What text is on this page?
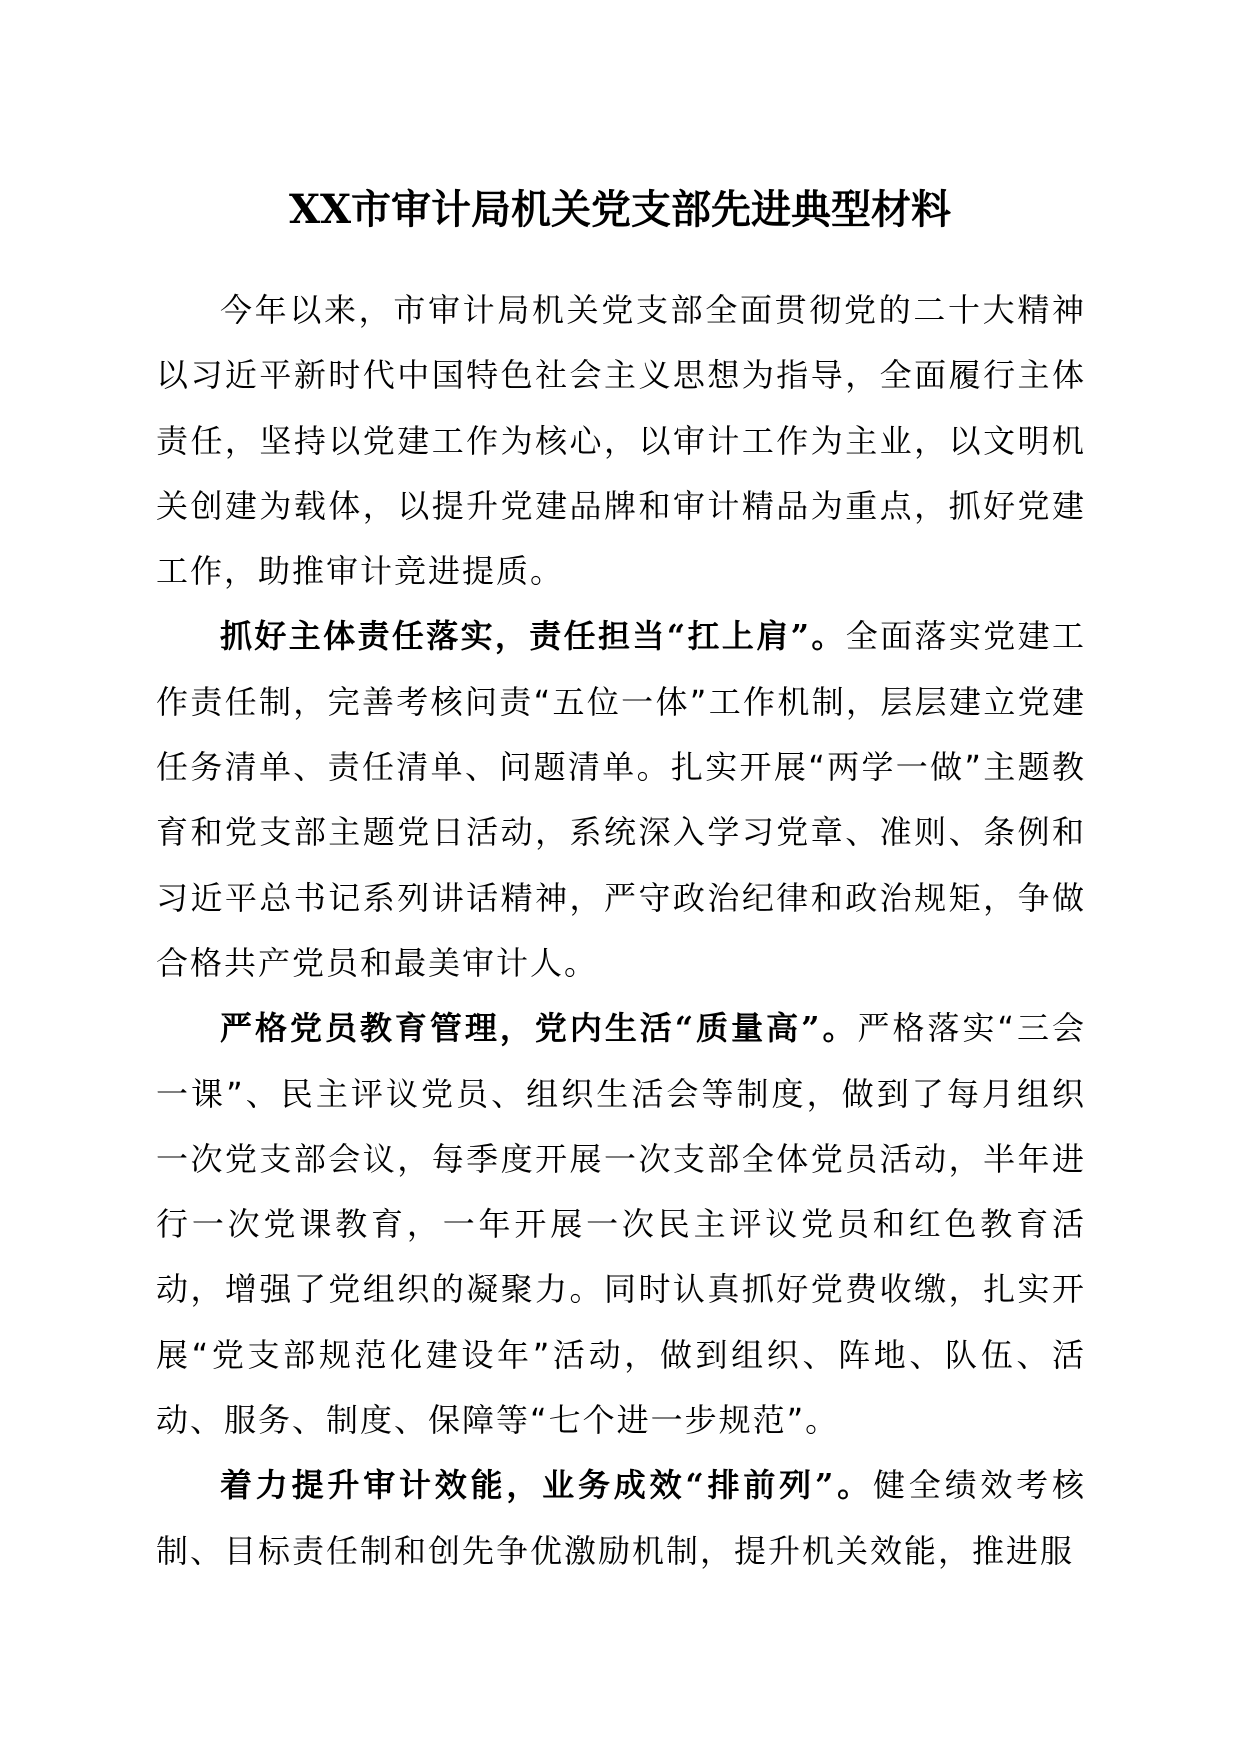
XX市审计局机关党支部先进典型材料

今年以来，市审计局机关党支部全面贯彻党的二十大精神以习近平新时代中国特色社会主义思想为指导，全面履行主体责任，坚持以党建工作为核心，以审计工作为主业，以文明机关创建为载体，以提升党建品牌和审计精品为重点，抓好党建工作，助推审计竞进提质。

抓好主体责任落实，责任担当“扛上肩”。全面落实党建工作责任制，完善考核问责“五位一体”工作机制，层层建立党建任务清单、责任清单、问题清单。扎实开展“两学一做”主题教育和党支部主题党日活动，系统深入学习党章、准则、条例和习近平总书记系列讲话精神，严守政治纪律和政治规矩，争做合格共产党员和最美审计人。

严格党员教育管理，党内生活“质量高”。严格落实“三会一课”、民主评议党员、组织生活会等制度，做到了每月组织一次党支部会议，每季度开展一次支部全体党员活动，半年进行一次党课教育，一年开展一次民主评议党员和红色教育活动，增强了党组织的凝聚力。同时认真抓好党费收缴，扎实开展“党支部规范化建设年”活动，做到组织、阵地、队伍、活动、服务、制度、保障等“七个进一步规范”。

着力提升审计效能，业务成效“排前列”。健全绩效考核制、目标责任制和创先争优激励机制，提升机关效能，推进服
